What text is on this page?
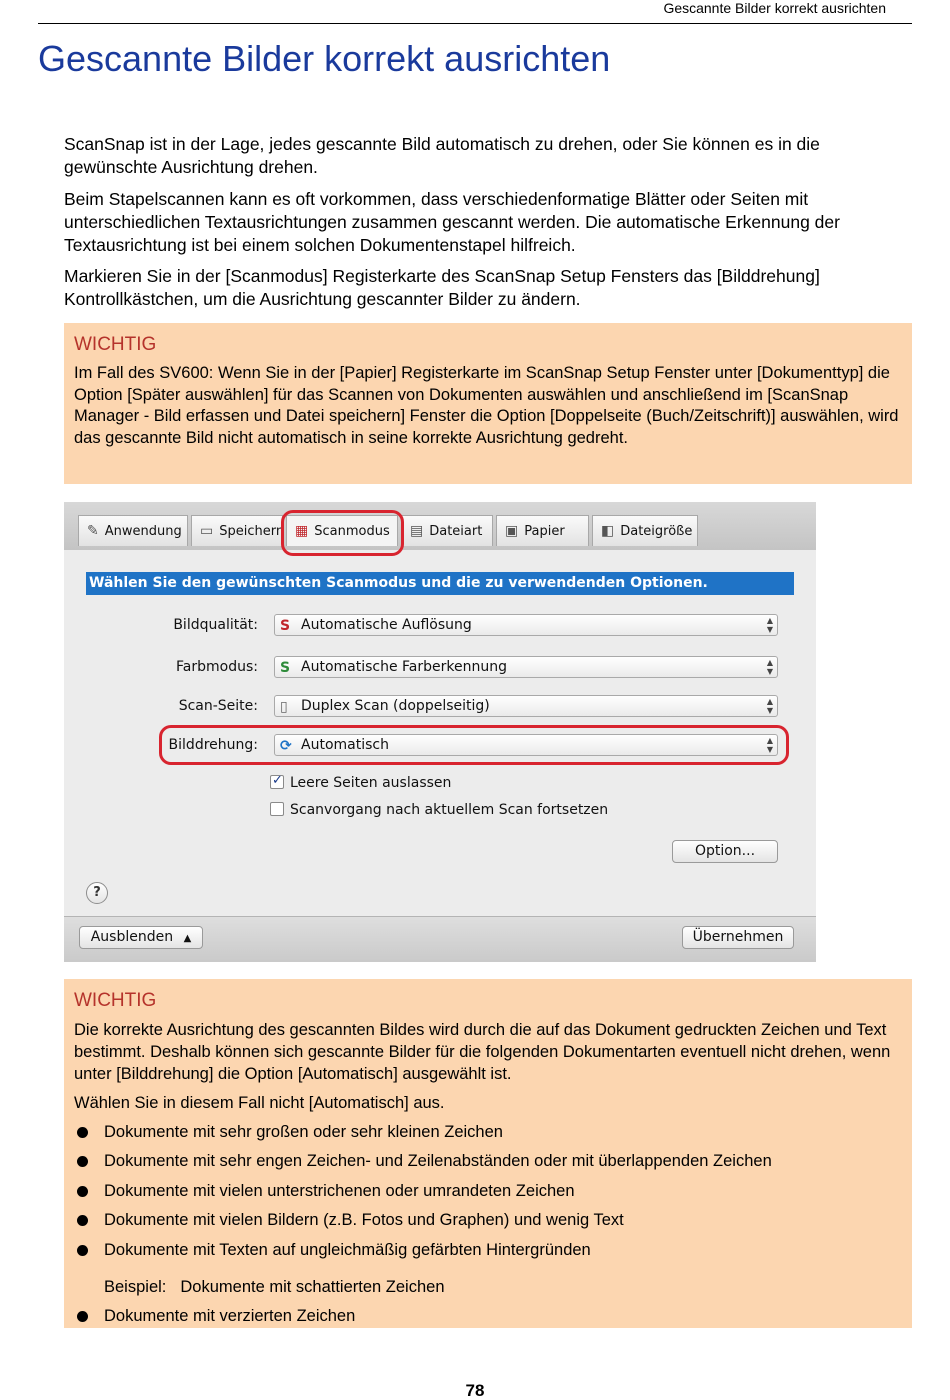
Gescannte Bilder korrekt ausrichten
Gescannte Bilder korrekt ausrichten

ScanSnap ist in der Lage, jedes gescannte Bild automatisch zu drehen, oder Sie können es in die gewünschte Ausrichtung drehen.

Beim Stapelscannen kann es oft vorkommen, dass verschiedenformatige Blätter oder Seiten mit unterschiedlichen Textausrichtungen zusammen gescannt werden. Die automatische Erkennung der Textausrichtung ist bei einem solchen Dokumentenstapel hilfreich.

Markieren Sie in der [Scanmodus] Registerkarte des ScanSnap Setup Fensters das [Bilddrehung] Kontrollkästchen, um die Ausrichtung gescannter Bilder zu ändern.

WICHTIG
Im Fall des SV600: Wenn Sie in der [Papier] Registerkarte im ScanSnap Setup Fenster unter [Dokumenttyp] die Option [Später auswählen] für das Scannen von Dokumenten auswählen und anschließend im [ScanSnap Manager - Bild erfassen und Datei speichern] Fenster die Option [Doppelseite (Buch/Zeitschrift)] auswählen, wird das gescannte Bild nicht automatisch in seine korrekte Ausrichtung gedreht.
✎ Anwendung ▭ Speichern ▦ Scanmodus ▤ Dateiart ▣ Papier	◧ Dateigröße
Wählen Sie den gewünschten Scanmodus und die zu verwendenden Optionen.
Bildqualität: S Automatische Auflösung	▲
▼
Farbmodus: S Automatische Farberkennung	▲
▼
Scan-Seite: ▯ Duplex Scan (doppelseitig)	▲
▼
Bilddrehung: ⟳ Automatisch	▲
▼
✓Leere Seiten auslassen
Scanvorgang nach aktuellem Scan fortsetzen
Option...
?
Ausblenden ▲	Übernehmen
WICHTIG
Die korrekte Ausrichtung des gescannten Bildes wird durch die auf das Dokument gedruckten Zeichen und Text bestimmt. Deshalb können sich gescannte Bilder für die folgenden Dokumentarten eventuell nicht drehen, wenn unter [Bilddrehung] die Option [Automatisch] ausgewählt ist.
Wählen Sie in diesem Fall nicht [Automatisch] aus.
Dokumente mit sehr großen oder sehr kleinen Zeichen
Dokumente mit sehr engen Zeichen- und Zeilenabständen oder mit überlappenden Zeichen
Dokumente mit vielen unterstrichenen oder umrandeten Zeichen
Dokumente mit vielen Bildern (z.B. Fotos und Graphen) und wenig Text
Dokumente mit Texten auf ungleichmäßig gefärbten Hintergründen
Beispiel: Dokumente mit schattierten Zeichen
Dokumente mit verzierten Zeichen
78
